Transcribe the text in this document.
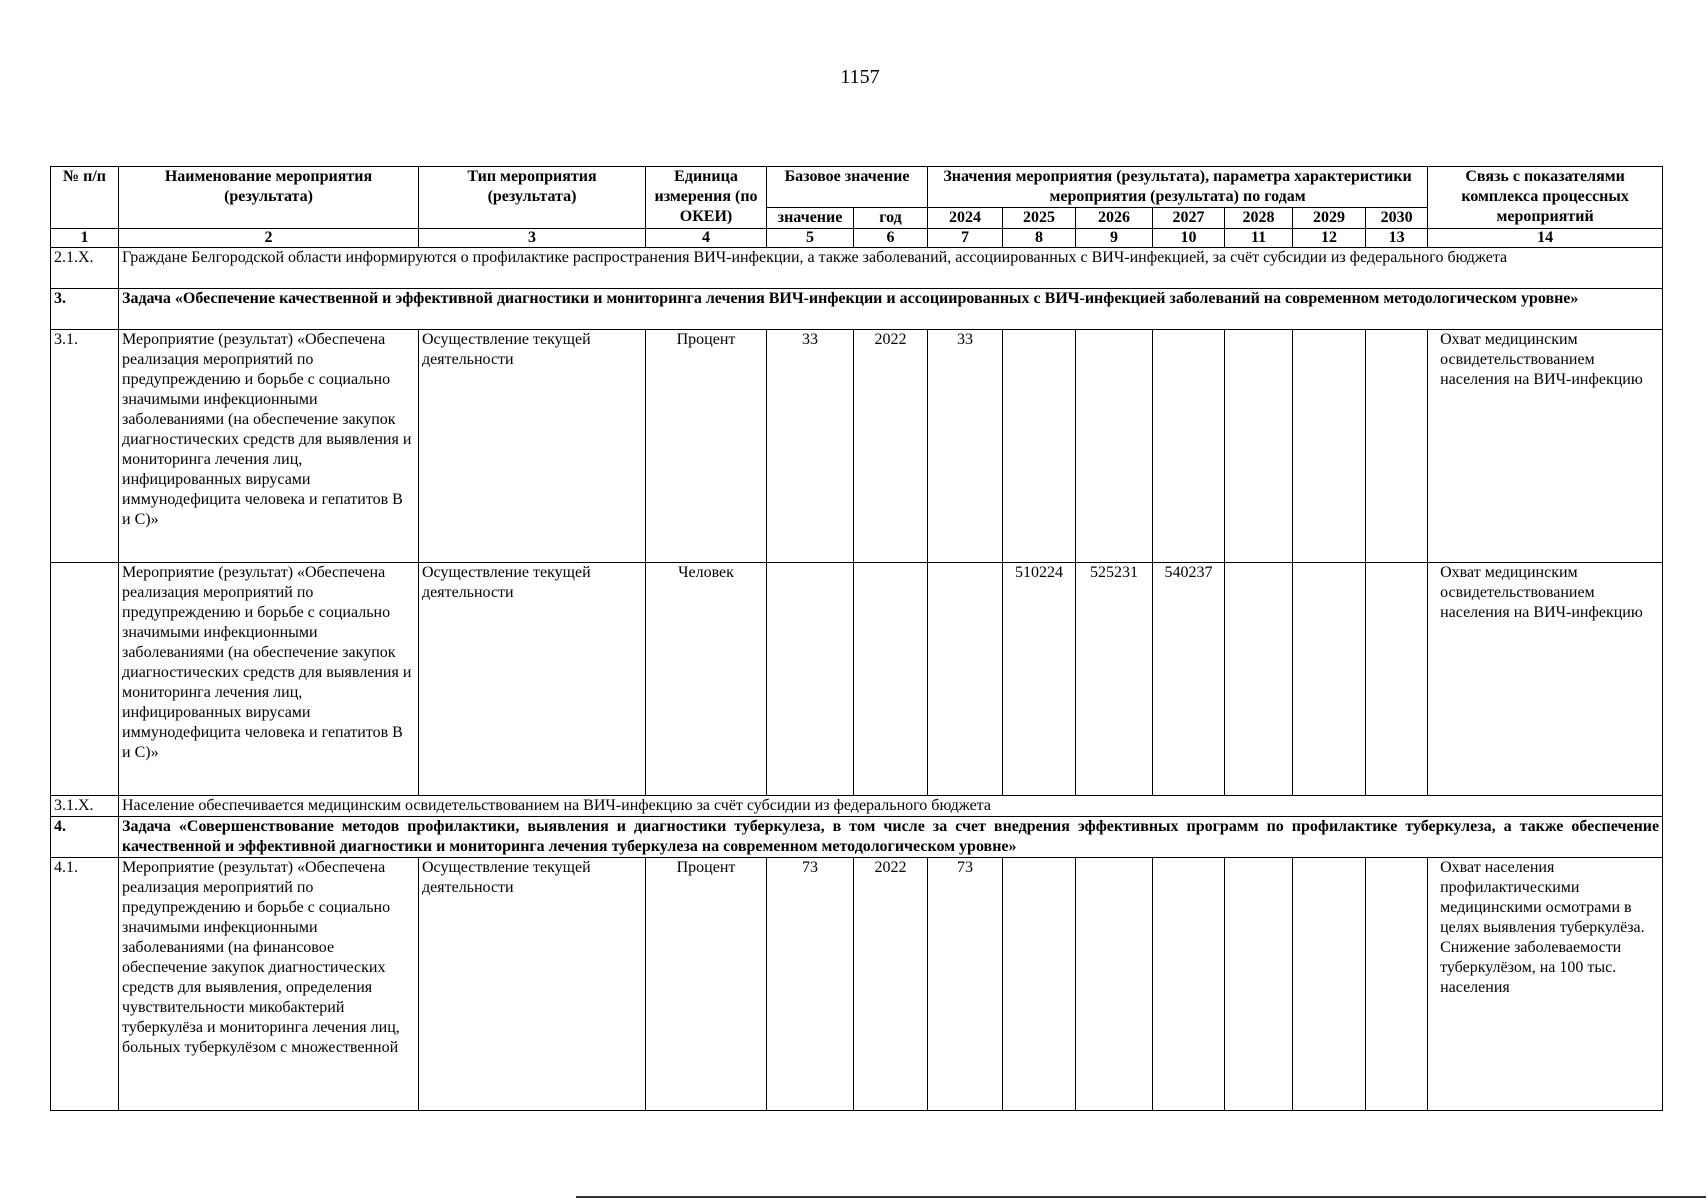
1157
№ п/п	Наименование мероприятия (результата)	Тип мероприятия (результата)	Единица измерения (по ОКЕИ)	Базовое значение		Значения мероприятия (результата), параметра характеристики мероприятия (результата) по годам							Связь с показателями комплекса процессных мероприятий
				значение	год	2024	2025	2026	2027	2028	2029	2030	
1	2	3	4	5	6	7	8	9	10	11	12	13	14
2.1.X.	Граждане Белгородской области информируются о профилактике распространения ВИЧ-инфекции, а также заболеваний, ассоциированных с ВИЧ-инфекцией, за счёт субсидии из федерального бюджета												
3.	Задача «Обеспечение качественной и эффективной диагностики и мониторинга лечения ВИЧ-инфекции и ассоциированных с ВИЧ-инфекцией заболеваний на современном методологическом уровне»												
3.1.	Мероприятие (результат) «Обеспечена реализация мероприятий по предупреждению и борьбе с социально значимыми инфекционными заболеваниями (на обеспечение закупок диагностических средств для выявления и мониторинга лечения лиц, инфицированных вирусами иммунодефицита человека и гепатитов B и C)»	Осуществление текущей деятельности	Процент	33	2022	33							Охват медицинским освидетельствованием населения на ВИЧ-инфекцию
	Мероприятие (результат) «Обеспечена реализация мероприятий по предупреждению и борьбе с социально значимыми инфекционными заболеваниями (на обеспечение закупок диагностических средств для выявления и мониторинга лечения лиц, инфицированных вирусами иммунодефицита человека и гепатитов B и C)»	Осуществление текущей деятельности	Человек				510224	525231	540237				Охват медицинским освидетельствованием населения на ВИЧ-инфекцию
3.1.X.	Население обеспечивается медицинским освидетельствованием на ВИЧ-инфекцию за счёт субсидии из федерального бюджета												
4.	Задача «Совершенствование методов профилактики, выявления и диагностики туберкулеза, в том числе за счет внедрения эффективных программ по профилактике туберкулеза, а также обеспечение качественной и эффективной диагностики и мониторинга лечения туберкулеза на современном методологическом уровне»												
4.1.	Мероприятие (результат) «Обеспечена реализация мероприятий по предупреждению и борьбе с социально значимыми инфекционными заболеваниями (на финансовое обеспечение закупок диагностических средств для выявления, определения чувствительности микобактерий туберкулёза и мониторинга лечения лиц, больных туберкулёзом с множественной	Осуществление текущей деятельности	Процент	73	2022	73							Охват населения профилактическими медицинскими осмотрами в целях выявления туберкулёза. Снижение заболеваемости туберкулёзом, на 100 тыс. населения
